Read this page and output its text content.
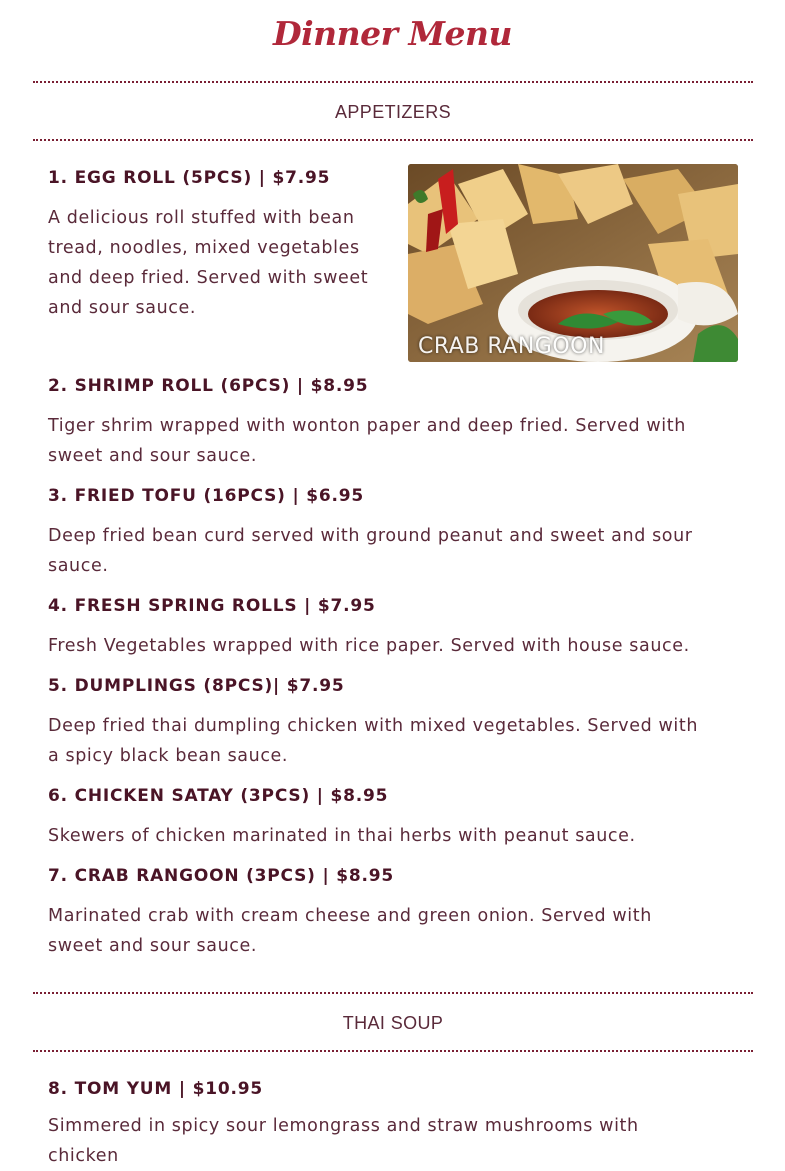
Dinner Menu
APPETIZERS
1. EGG ROLL (5PCS) | $7.95
A delicious roll stuffed with bean tread, noodles, mixed vegetables and deep fried. Served with sweet and sour sauce.
CRAB RANGOON
2. SHRIMP ROLL (6PCS) | $8.95
Tiger shrim wrapped with wonton paper and deep fried. Served with sweet and sour sauce.
3. FRIED TOFU (16PCS) | $6.95
Deep fried bean curd served with ground peanut and sweet and sour sauce.
4. FRESH SPRING ROLLS | $7.95
Fresh Vegetables wrapped with rice paper. Served with house sauce.
5. DUMPLINGS (8PCS)| $7.95
Deep fried thai dumpling chicken with mixed vegetables. Served with a spicy black bean sauce.
6. CHICKEN SATAY (3PCS) | $8.95
Skewers of chicken marinated in thai herbs with peanut sauce.
7. CRAB RANGOON (3PCS) | $8.95
Marinated crab with cream cheese and green onion. Served with sweet and sour sauce.
THAI SOUP
8. TOM YUM | $10.95
Simmered in spicy sour lemongrass and straw mushrooms with chicken
